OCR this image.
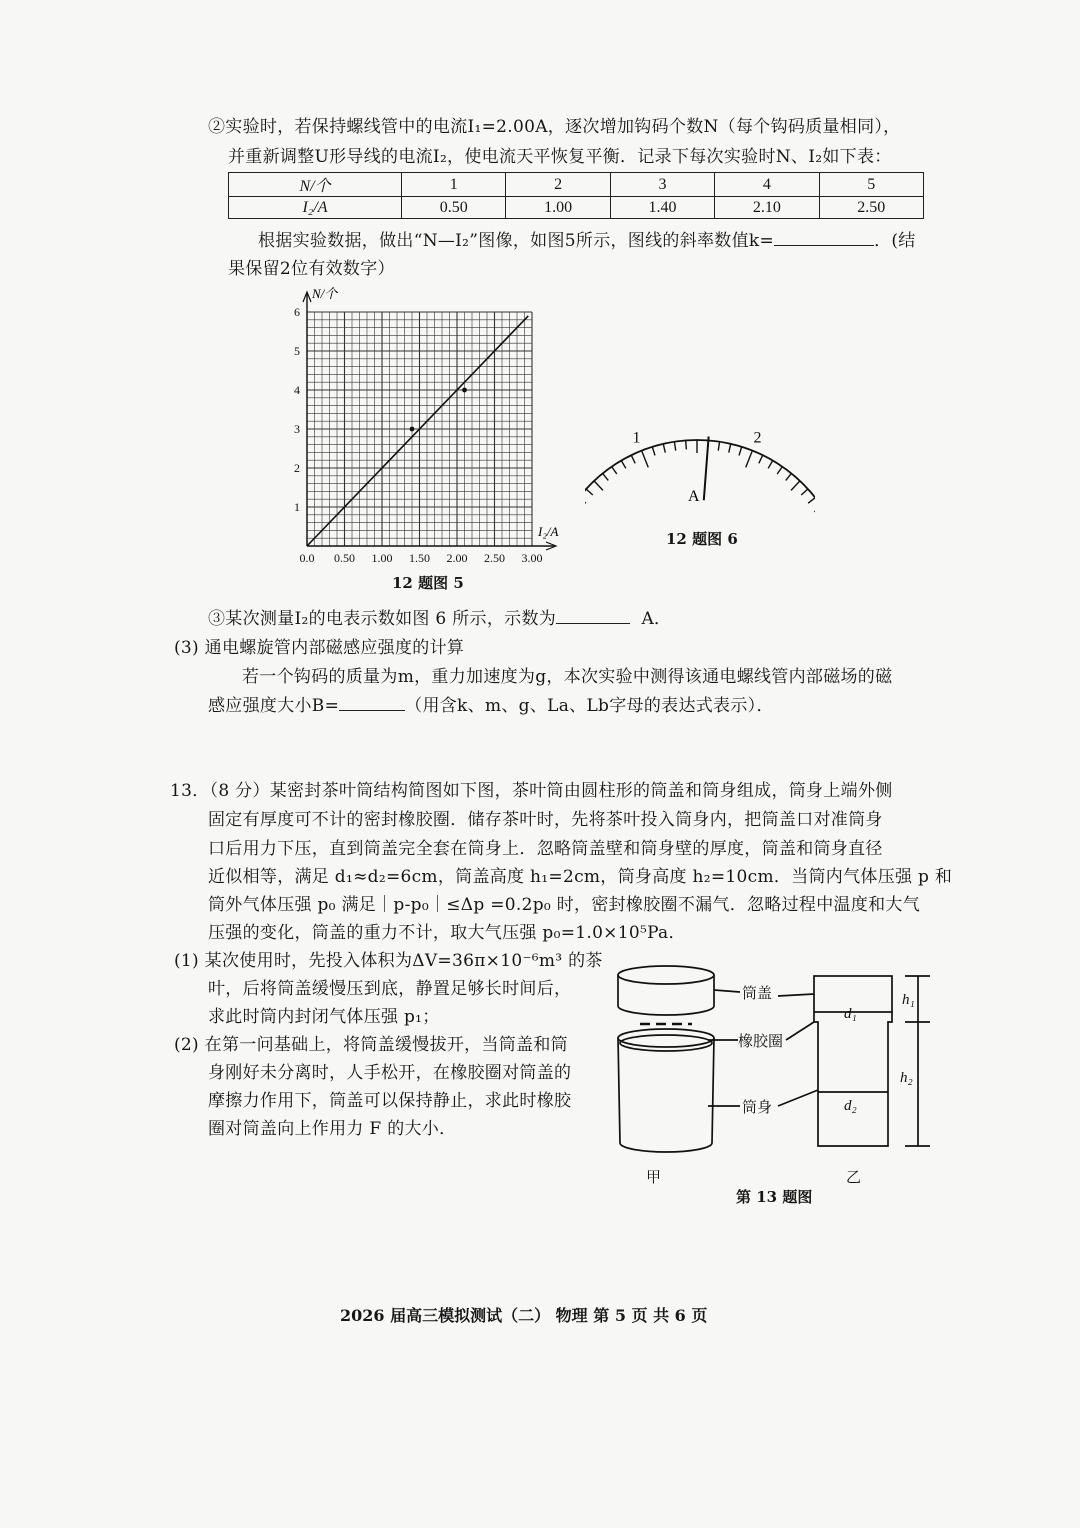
②实验时，若保持螺线管中的电流I₁=2.00A，逐次增加钩码个数N（每个钩码质量相同），
并重新调整U形导线的电流I₂，使电流天平恢复平衡．记录下每次实验时N、I₂如下表：
N/个	1	2	3	4	5
I₂/A	0.50	1.00	1.40	2.10	2.50
根据实验数据，做出“N—I₂”图像，如图5所示，图线的斜率数值k=	．(结
果保留2位有效数字）
0.0 0.50 1.00 1.50 2.00 2.50 3.00
1
2
3
4
5
6
N/个
I₂/A
12 题图 5
1	2
A
12 题图 6
③某次测量I₂的电表示数如图 6 所示，示数为	A．
(3) 通电螺旋管内部磁感应强度的计算
若一个钩码的质量为m，重力加速度为g，本次实验中测得该通电螺线管内部磁场的磁
感应强度大小B=	（用含k、m、g、La、Lb字母的表达式表示）．
13．（8 分）某密封茶叶筒结构简图如下图，茶叶筒由圆柱形的筒盖和筒身组成，筒身上端外侧
固定有厚度可不计的密封橡胶圈．储存茶叶时，先将茶叶投入筒身内，把筒盖口对准筒身
口后用力下压，直到筒盖完全套在筒身上．忽略筒盖壁和筒身壁的厚度，筒盖和筒身直径
近似相等，满足 d₁≈d₂=6cm，筒盖高度 h₁=2cm，筒身高度 h₂=10cm．当筒内气体压强 p 和
筒外气体压强 p₀ 满足｜p-p₀｜≤Δp =0.2p₀ 时，密封橡胶圈不漏气．忽略过程中温度和大气
压强的变化，筒盖的重力不计，取大气压强 p₀=1.0×10⁵Pa．
(1) 某次使用时，先投入体积为ΔV=36π×10⁻⁶m³ 的茶
叶，后将筒盖缓慢压到底，静置足够长时间后，
求此时筒内封闭气体压强 p₁；
(2) 在第一问基础上，将筒盖缓慢拔开，当筒盖和筒
身刚好未分离时，人手松开，在橡胶圈对筒盖的
摩擦力作用下，筒盖可以保持静止，求此时橡胶
圈对筒盖向上作用力 F 的大小．
筒盖
橡胶圈
筒身
甲	乙
d₁
d₂
h₁
h₂
第 13 题图
2026 届高三模拟测试（二） 物理 第 5 页 共 6 页
